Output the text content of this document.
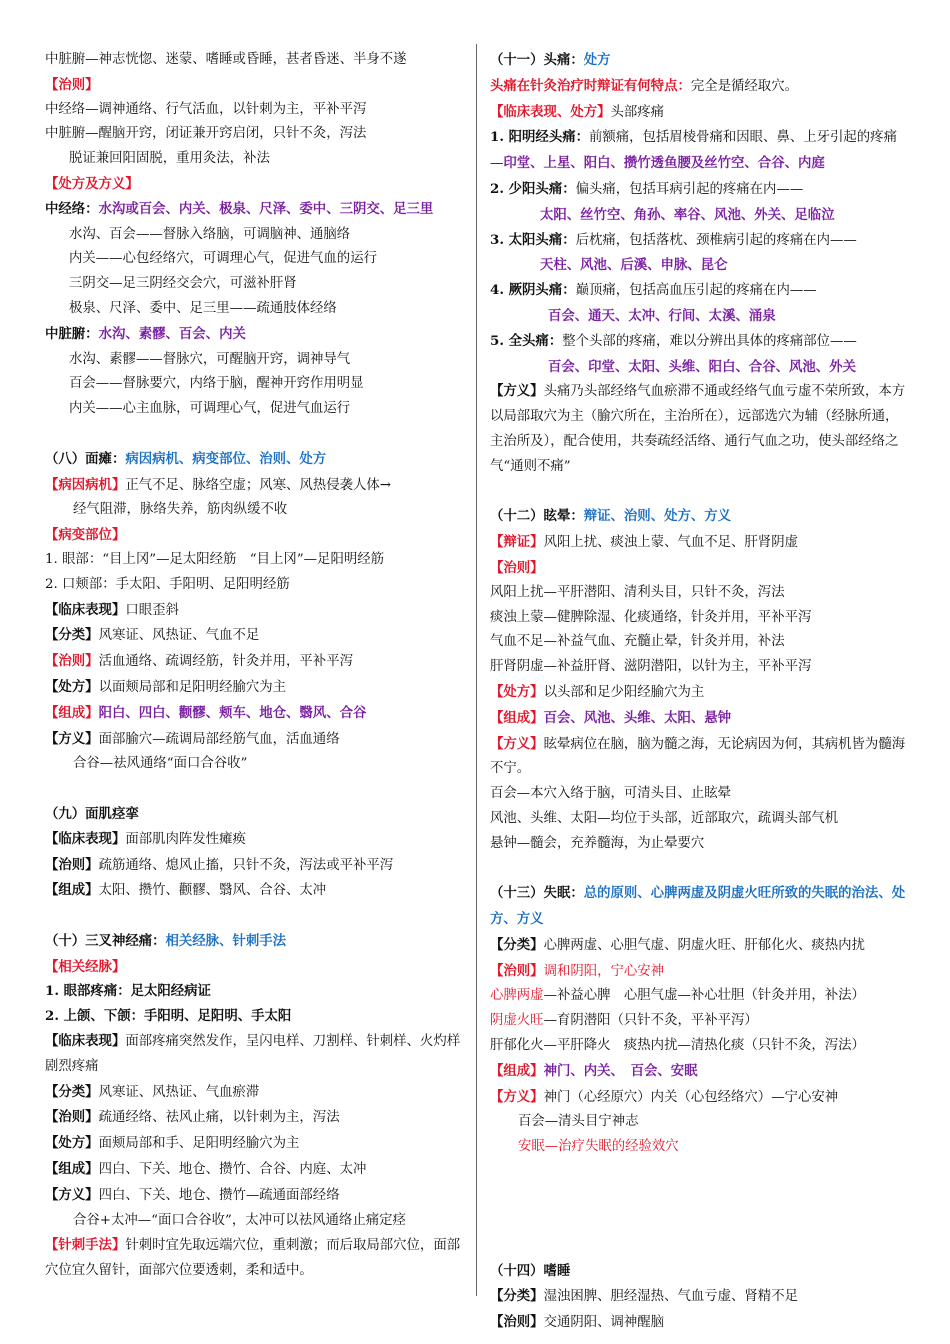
中脏腑—神志恍惚、迷蒙、嗜睡或昏睡，甚者昏迷、半身不遂
【治则】
中经络—调神通络、行气活血，以针刺为主，平补平泻
中脏腑—醒脑开窍，闭证兼开窍启闭，只针不灸，泻法
脱证兼回阳固脱，重用灸法，补法
【处方及方义】
中经络：水沟或百会、内关、极泉、尺泽、委中、三阴交、足三里
水沟、百会——督脉入络脑，可调脑神、通脑络
内关——心包经络穴，可调理心气，促进气血的运行
三阴交—足三阴经交会穴，可滋补肝肾
极泉、尺泽、委中、足三里——疏通肢体经络
中脏腑：水沟、素髎、百会、内关
水沟、素髎——督脉穴，可醒脑开窍，调神导气
百会——督脉要穴，内络于脑，醒神开窍作用明显
内关——心主血脉，可调理心气，促进气血运行
（八）面瘫：病因病机、病变部位、治则、处方
【病因病机】正气不足、脉络空虚；风寒、风热侵袭人体→
经气阻滞，脉络失养，筋肉纵缓不收
【病变部位】
1. 眼部：“目上冈”—足太阳经筋　“目上冈”—足阳明经筋
2. 口颊部：手太阳、手阳明、足阳明经筋
【临床表现】口眼歪斜
【分类】风寒证、风热证、气血不足
【治则】活血通络、疏调经筋，针灸并用，平补平泻
【处方】以面颊局部和足阳明经腧穴为主
【组成】阳白、四白、颧髎、颊车、地仓、翳风、合谷
【方义】面部腧穴—疏调局部经筋气血，活血通络
合谷—祛风通络“面口合谷收”
（九）面肌痉挛
【临床表现】面部肌肉阵发性瘫痪
【治则】疏筋通络、熄风止搐，只针不灸，泻法或平补平泻
【组成】太阳、攒竹、颧髎、翳风、合谷、太冲
（十）三叉神经痛：相关经脉、针刺手法
【相关经脉】
1. 眼部疼痛：足太阳经病证
2. 上颌、下颌：手阳明、足阳明、手太阳
【临床表现】面部疼痛突然发作，呈闪电样、刀割样、针刺样、火灼样剧烈疼痛
【分类】风寒证、风热证、气血瘀滞
【治则】疏通经络、祛风止痛，以针刺为主，泻法
【处方】面颊局部和手、足阳明经腧穴为主
【组成】四白、下关、地仓、攒竹、合谷、内庭、太冲
【方义】四白、下关、地仓、攒竹—疏通面部经络
合谷+太冲—“面口合谷收”，太冲可以祛风通络止痛定痉
【针刺手法】针刺时宜先取远端穴位，重刺激；而后取局部穴位，面部穴位宜久留针，面部穴位要透刺，柔和适中。
（十一）头痛：处方
头痛在针灸治疗时辩证有何特点：完全是循经取穴。
【临床表现、处方】头部疼痛
1. 阳明经头痛：前额痛，包括眉棱骨痛和因眼、鼻、上牙引起的疼痛—印堂、上星、阳白、攒竹透鱼腰及丝竹空、合谷、内庭
2. 少阳头痛：偏头痛，包括耳病引起的疼痛在内——
太阳、丝竹空、角孙、率谷、风池、外关、足临泣
3. 太阳头痛：后枕痛，包括落枕、颈椎病引起的疼痛在内——
天柱、风池、后溪、申脉、昆仑
4. 厥阴头痛：巅顶痛，包括高血压引起的疼痛在内——
百会、通天、太冲、行间、太溪、涌泉
5. 全头痛：整个头部的疼痛，难以分辨出具体的疼痛部位——
百会、印堂、太阳、头维、阳白、合谷、风池、外关
【方义】头痛乃头部经络气血瘀滞不通或经络气血亏虚不荣所致，本方以局部取穴为主（腧穴所在，主治所在），远部选穴为辅（经脉所通，主治所及），配合使用，共奏疏经活络、通行气血之功，使头部经络之气“通则不痛”
（十二）眩晕：辩证、治则、处方、方义
【辩证】风阳上扰、痰浊上蒙、气血不足、肝肾阴虚
【治则】
风阳上扰—平肝潜阳、清利头目，只针不灸，泻法
痰浊上蒙—健脾除湿、化痰通络，针灸并用，平补平泻
气血不足—补益气血、充髓止晕，针灸并用，补法
肝肾阴虚—补益肝肾、滋阴潜阳，以针为主，平补平泻
【处方】以头部和足少阳经腧穴为主
【组成】百会、风池、头维、太阳、悬钟
【方义】眩晕病位在脑，脑为髓之海，无论病因为何，其病机皆为髓海不宁。
百会—本穴入络于脑，可清头目、止眩晕
风池、头维、太阳—均位于头部，近部取穴，疏调头部气机
悬钟—髓会，充养髓海，为止晕要穴
（十三）失眠：总的原则、心脾两虚及阴虚火旺所致的失眠的治法、处方、方义
【分类】心脾两虚、心胆气虚、阴虚火旺、肝郁化火、痰热内扰
【治则】调和阴阳，宁心安神
心脾两虚—补益心脾　心胆气虚—补心壮胆（针灸并用，补法）
阴虚火旺—育阴潜阳（只针不灸，平补平泻）
肝郁化火—平肝降火　痰热内扰—清热化痰（只针不灸，泻法）
【组成】神门、内关、　百会、安眠
【方义】神门（心经原穴）内关（心包经络穴）—宁心安神
百会—清头目宁神志
安眠—治疗失眠的经验效穴
（十四）嗜睡
【分类】湿浊困脾、胆经湿热、气血亏虚、肾精不足
【治则】交通阴阳、调神醒脑
